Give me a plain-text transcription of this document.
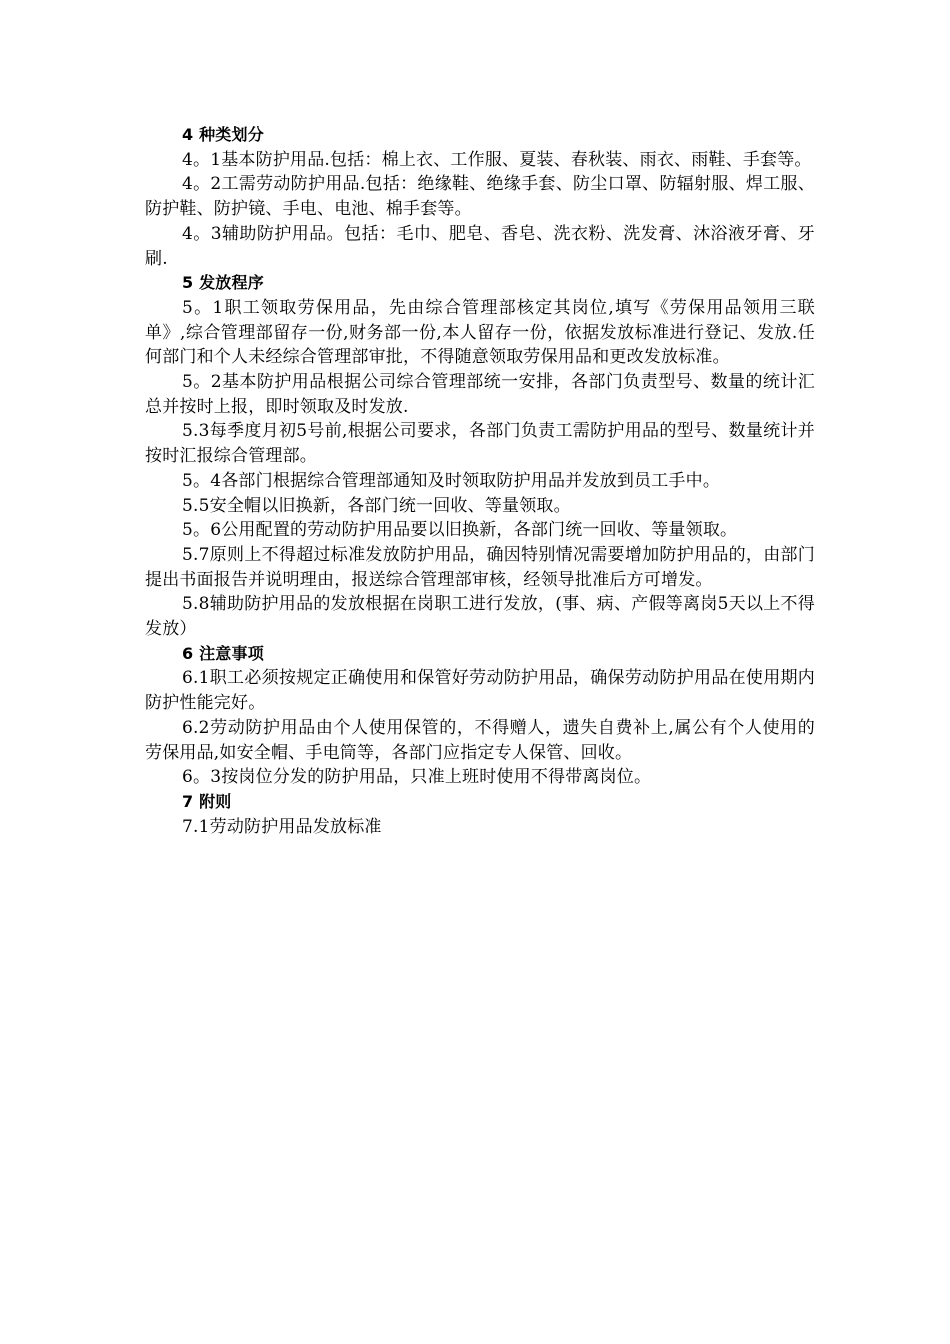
4 种类划分

4。1基本防护用品.包括：棉上衣、工作服、夏装、春秋装、雨衣、雨鞋、手套等。

4。2工需劳动防护用品.包括：绝缘鞋、绝缘手套、防尘口罩、防辐射服、焊工服、防护鞋、防护镜、手电、电池、棉手套等。

4。3辅助防护用品。包括：毛巾、肥皂、香皂、洗衣粉、洗发膏、沐浴液牙膏、牙刷.

5 发放程序

5。1职工领取劳保用品，先由综合管理部核定其岗位,填写《劳保用品领用三联单》,综合管理部留存一份,财务部一份,本人留存一份，依据发放标准进行登记、发放.任何部门和个人未经综合管理部审批，不得随意领取劳保用品和更改发放标准。

5。2基本防护用品根据公司综合管理部统一安排，各部门负责型号、数量的统计汇总并按时上报，即时领取及时发放.

5.3每季度月初5号前,根据公司要求，各部门负责工需防护用品的型号、数量统计并按时汇报综合管理部。

5。4各部门根据综合管理部通知及时领取防护用品并发放到员工手中。

5.5安全帽以旧换新，各部门统一回收、等量领取。

5。6公用配置的劳动防护用品要以旧换新，各部门统一回收、等量领取。

5.7原则上不得超过标准发放防护用品，确因特别情况需要增加防护用品的，由部门提出书面报告并说明理由，报送综合管理部审核，经领导批准后方可增发。

5.8辅助防护用品的发放根据在岗职工进行发放，(事、病、产假等离岗5天以上不得发放）

6 注意事项

6.1职工必须按规定正确使用和保管好劳动防护用品，确保劳动防护用品在使用期内防护性能完好。

6.2劳动防护用品由个人使用保管的，不得赠人，遗失自费补上,属公有个人使用的劳保用品,如安全帽、手电筒等，各部门应指定专人保管、回收。

6。3按岗位分发的防护用品，只准上班时使用不得带离岗位。

7 附则

7.1劳动防护用品发放标准
